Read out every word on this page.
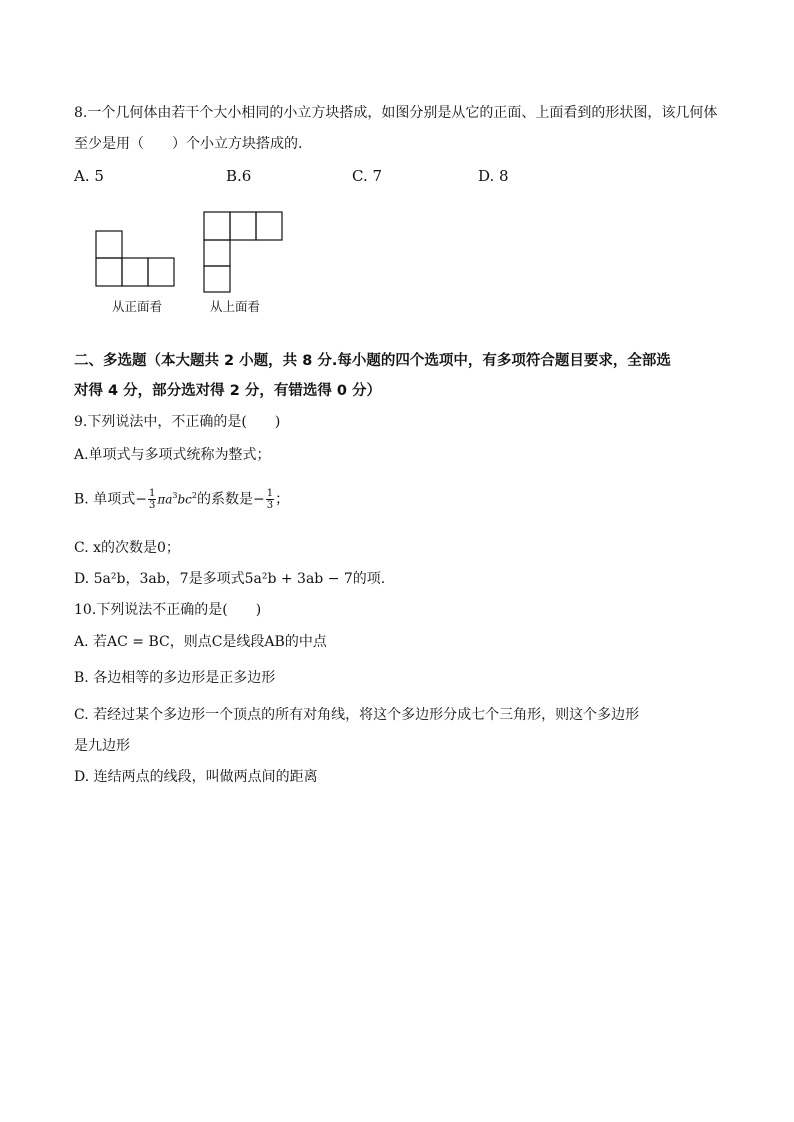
8.一个几何体由若干个大小相同的小立方块搭成，如图分别是从它的正面、上面看到的形状图，该几何体
至少是用（　　）个小立方块搭成的.
A. 5	B.6	C. 7	D. 8
从正面看	从上面看
二、多选题（本大题共 2 小题，共 8 分.每小题的四个选项中，有多项符合题目要求，全部选
对得 4 分，部分选对得 2 分，有错选得 0 分）
9.下列说法中，不正确的是(　　)
A.单项式与多项式统称为整式；
B. 单项式− $\frac{1}{3} \pi a^3bc^2$的系数是− $\frac{1}{3}$ ；
C. x的次数是0；
D. 5a²b，3ab，7是多项式5a²b + 3ab − 7的项.
10.下列说法不正确的是(　　)
A. 若AC = BC，则点C是线段AB的中点
B. 各边相等的多边形是正多边形
C. 若经过某个多边形一个顶点的所有对角线，将这个多边形分成七个三角形，则这个多边形
是九边形
D. 连结两点的线段，叫做两点间的距离
